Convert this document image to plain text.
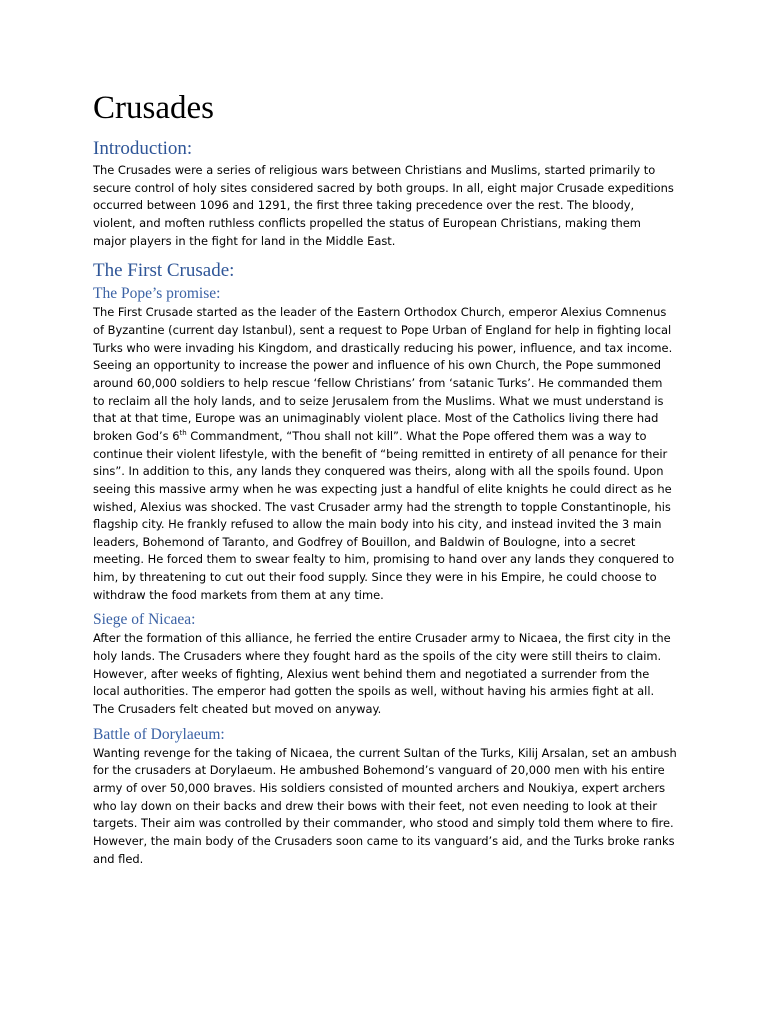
Crusades
Introduction:

The Crusades were a series of religious wars between Christians and Muslims, started primarily to secure control of holy sites considered sacred by both groups. In all, eight major Crusade expeditions occurred between 1096 and 1291, the first three taking precedence over the rest. The bloody, violent, and moften ruthless conflicts propelled the status of European Christians, making them major players in the fight for land in the Middle East.

The First Crusade:
The Pope’s promise:

The First Crusade started as the leader of the Eastern Orthodox Church, emperor Alexius Comnenus of Byzantine (current day Istanbul), sent a request to Pope Urban of England for help in fighting local Turks who were invading his Kingdom, and drastically reducing his power, influence, and tax income. Seeing an opportunity to increase the power and influence of his own Church, the Pope summoned around 60,000 soldiers to help rescue ‘fellow Christians’ from ‘satanic Turks’. He commanded them to reclaim all the holy lands, and to seize Jerusalem from the Muslims. What we must understand is that at that time, Europe was an unimaginably violent place. Most of the Catholics living there had broken God’s 6th Commandment, “Thou shall not kill”. What the Pope offered them was a way to continue their violent lifestyle, with the benefit of “being remitted in entirety of all penance for their sins”. In addition to this, any lands they conquered was theirs, along with all the spoils found. Upon seeing this massive army when he was expecting just a handful of elite knights he could direct as he wished, Alexius was shocked. The vast Crusader army had the strength to topple Constantinople, his flagship city. He frankly refused to allow the main body into his city, and instead invited the 3 main leaders, Bohemond of Taranto, and Godfrey of Bouillon, and Baldwin of Boulogne, into a secret meeting. He forced them to swear fealty to him, promising to hand over any lands they conquered to him, by threatening to cut out their food supply. Since they were in his Empire, he could choose to withdraw the food markets from them at any time.

Siege of Nicaea:

After the formation of this alliance, he ferried the entire Crusader army to Nicaea, the first city in the holy lands. The Crusaders where they fought hard as the spoils of the city were still theirs to claim. However, after weeks of fighting, Alexius went behind them and negotiated a surrender from the local authorities. The emperor had gotten the spoils as well, without having his armies fight at all. The Crusaders felt cheated but moved on anyway.

Battle of Dorylaeum:

Wanting revenge for the taking of Nicaea, the current Sultan of the Turks, Kilij Arsalan, set an ambush for the crusaders at Dorylaeum. He ambushed Bohemond’s vanguard of 20,000 men with his entire army of over 50,000 braves. His soldiers consisted of mounted archers and Noukiya, expert archers who lay down on their backs and drew their bows with their feet, not even needing to look at their targets. Their aim was controlled by their commander, who stood and simply told them where to fire. However, the main body of the Crusaders soon came to its vanguard’s aid, and the Turks broke ranks and fled.
